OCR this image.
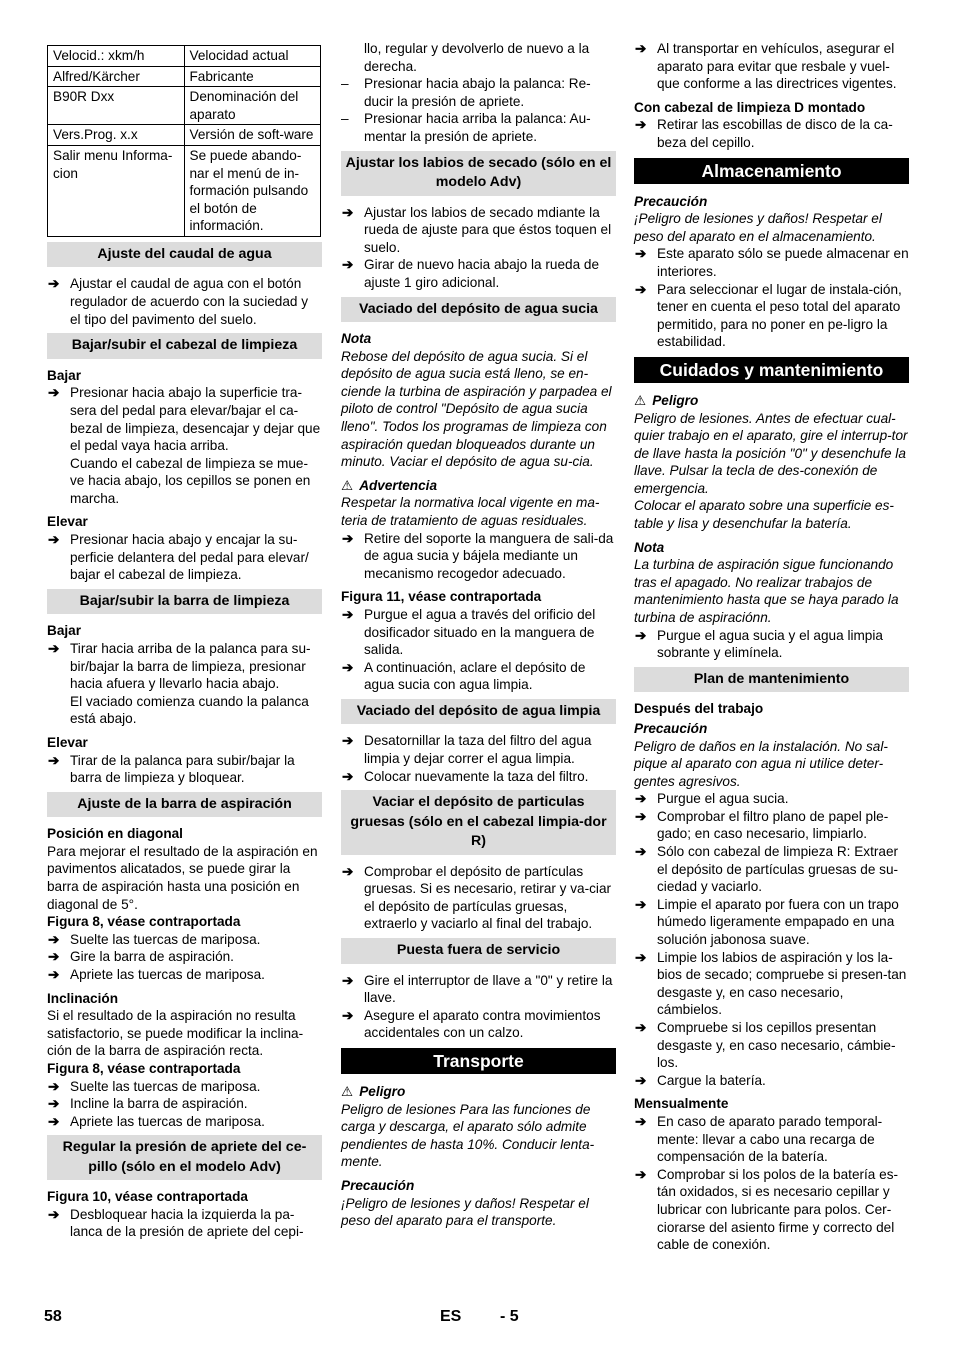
Velocid.: xkm/h	Velocidad actual
Alfred/Kärcher	Fabricante
B90R Dxx	Denominación del aparato
Vers.Prog. x.x	Versión de soft-ware
Salir menu Informa-cion	Se puede abando-nar el menú de in-formación pulsando el botón de información.
Ajuste del caudal de agua
➔ Ajustar el caudal de agua con el botón regulador de acuerdo con la suciedad y el tipo del pavimento del suelo.
Bajar/subir el cabezal de limpieza
Bajar
➔ Presionar hacia abajo la superficie tra-sera del pedal para elevar/bajar el ca-bezal de limpieza, desencajar y dejar que el pedal vaya hacia arriba.
Cuando el cabezal de limpieza se mue-ve hacia abajo, los cepillos se ponen en marcha.
Elevar
➔ Presionar hacia abajo y encajar la su-perficie delantera del pedal para elevar/ bajar el cabezal de limpieza.
Bajar/subir la barra de limpieza
Bajar
➔ Tirar hacia arriba de la palanca para su-bir/bajar la barra de limpieza, presionar hacia afuera y llevarlo hacia abajo.
El vaciado comienza cuando la palanca está abajo.
Elevar
➔ Tirar de la palanca para subir/bajar la barra de limpieza y bloquear.
Ajuste de la barra de aspiración
Posición en diagonal
Para mejorar el resultado de la aspiración en pavimentos alicatados, se puede girar la barra de aspiración hasta una posición en diagonal de 5°.
Figura 8, véase contraportada
➔ Suelte las tuercas de mariposa.
➔ Gire la barra de aspiración.
➔ Apriete las tuercas de mariposa.
Inclinación
Si el resultado de la aspiración no resulta satisfactorio, se puede modificar la inclina-ción de la barra de aspiración recta.
Figura 8, véase contraportada
➔ Suelte las tuercas de mariposa.
➔ Incline la barra de aspiración.
➔ Apriete las tuercas de mariposa.
Regular la presión de apriete del ce-pillo (sólo en el modelo Adv)
Figura 10, véase contraportada
➔ Desbloquear hacia la izquierda la pa-lanca de la presión de apriete del cepi-
llo, regular y devolverlo de nuevo a la derecha.
– Presionar hacia abajo la palanca: Re-ducir la presión de apriete.
– Presionar hacia arriba la palanca: Au-mentar la presión de apriete.
Ajustar los labios de secado (sólo en el modelo Adv)
➔ Ajustar los labios de secado mdiante la rueda de ajuste para que éstos toquen el suelo.
➔ Girar de nuevo hacia abajo la rueda de ajuste 1 giro adicional.
Vaciado del depósito de agua sucia
Nota
Rebose del depósito de agua sucia. Si el depósito de agua sucia está lleno, se en-ciende la turbina de aspiración y parpadea el piloto de control "Depósito de agua sucia lleno". Todos los programas de limpieza con aspiración quedan bloqueados durante un minuto. Vaciar el depósito de agua su-cia.
⚠ Advertencia
Respetar la normativa local vigente en ma-teria de tratamiento de aguas residuales.
➔ Retire del soporte la manguera de sali-da de agua sucia y bájela mediante un mecanismo recogedor adecuado.
Figura 11, véase contraportada
➔ Purgue el agua a través del orificio del dosificador situado en la manguera de salida.
➔ A continuación, aclare el depósito de agua sucia con agua limpia.
Vaciado del depósito de agua limpia
➔ Desatornillar la taza del filtro del agua limpia y dejar correr el agua limpia.
➔ Colocar nuevamente la taza del filtro.
Vaciar el depósito de particulas gruesas (sólo en el cabezal limpia-dor R)
➔ Comprobar el depósito de partículas gruesas. Si es necesario, retirar y va-ciar el depósito de partículas gruesas, extraerlo y vaciarlo al final del trabajo.
Puesta fuera de servicio
➔ Gire el interruptor de llave a "0" y retire la llave.
➔ Asegure el aparato contra movimientos accidentales con un calzo.
Transporte
⚠ Peligro
Peligro de lesiones Para las funciones de carga y descarga, el aparato sólo admite pendientes de hasta 10%. Conducir lenta-mente.
Precaución
¡Peligro de lesiones y daños! Respetar el peso del aparato para el transporte.
➔ Al transportar en vehículos, asegurar el aparato para evitar que resbale y vuel-que conforme a las directrices vigentes.
Con cabezal de limpieza D montado
➔ Retirar las escobillas de disco de la ca-beza del cepillo.
Almacenamiento
Precaución
¡Peligro de lesiones y daños! Respetar el peso del aparato en el almacenamiento.
➔ Este aparato sólo se puede almacenar en interiores.
➔ Para seleccionar el lugar de instala-ción, tener en cuenta el peso total del aparato permitido, para no poner en pe-ligro la estabilidad.
Cuidados y mantenimiento
⚠ Peligro
Peligro de lesiones. Antes de efectuar cual-quier trabajo en el aparato, gire el interrup-tor de llave hasta la posición "0" y desenchufe la llave. Pulsar la tecla de des-conexión de emergencia.
Colocar el aparato sobre una superficie es-table y lisa y desenchufar la batería.
Nota
La turbina de aspiración sigue funcionando tras el apagado. No realizar trabajos de mantenimiento hasta que se haya parado la turbina de aspiraciónn.
➔ Purgue el agua sucia y el agua limpia sobrante y elimínela.
Plan de mantenimiento
Después del trabajo
Precaución
Peligro de daños en la instalación. No sal-pique al aparato con agua ni utilice deter-gentes agresivos.
➔ Purgue el agua sucia.
➔ Comprobar el filtro plano de papel ple-gado; en caso necesario, limpiarlo.
➔ Sólo con cabezal de limpieza R: Extraer el depósito de partículas gruesas de su-ciedad y vaciarlo.
➔ Limpie el aparato por fuera con un trapo húmedo ligeramente empapado en una solución jabonosa suave.
➔ Limpie los labios de aspiración y los la-bios de secado; compruebe si presen-tan desgaste y, en caso necesario, cámbielos.
➔ Compruebe si los cepillos presentan desgaste y, en caso necesario, cámbie-los.
➔ Cargue la batería.
Mensualmente
➔ En caso de aparato parado temporal-mente: llevar a cabo una recarga de compensación de la batería.
➔ Comprobar si los polos de la batería es-tán oxidados, si es necesario cepillar y lubricar con lubricante para polos. Cer-ciorarse del asiento firme y correcto del cable de conexión.
58	ES - 5
